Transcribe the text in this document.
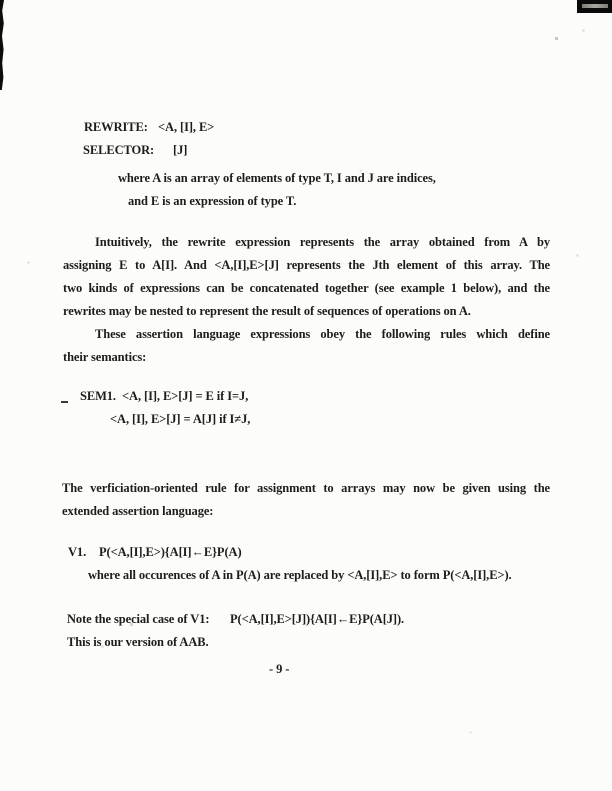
REWRITE: <A, [I], E>
SELECTOR: [J]
where A is an array of elements of type T, I and J are indices,
and E is an expression of type T.
Intuitively, the rewrite expression represents the array obtained from A by
assigning E to A[I]. And <A,[I],E>[J] represents the Jth element of this array. The
two kinds of expressions can be concatenated together (see example 1 below), and the
rewrites may be nested to represent the result of sequences of operations on A.
These assertion language expressions obey the following rules which define
their semantics:
SEM1. <A, [I], E>[J] = E if I=J,
<A, [I], E>[J] = A[J] if I≠J,
The verficiation-oriented rule for assignment to arrays may now be given using the
extended assertion language:
V1. P(<A,[I],E>){A[I]←E}P(A)
where all occurences of A in P(A) are replaced by <A,[I],E> to form P(<A,[I],E>).
Note the special case of V1: P(<A,[I],E>[J]){A[I]←E}P(A[J]).
This is our version of AAB.
- 9 -
